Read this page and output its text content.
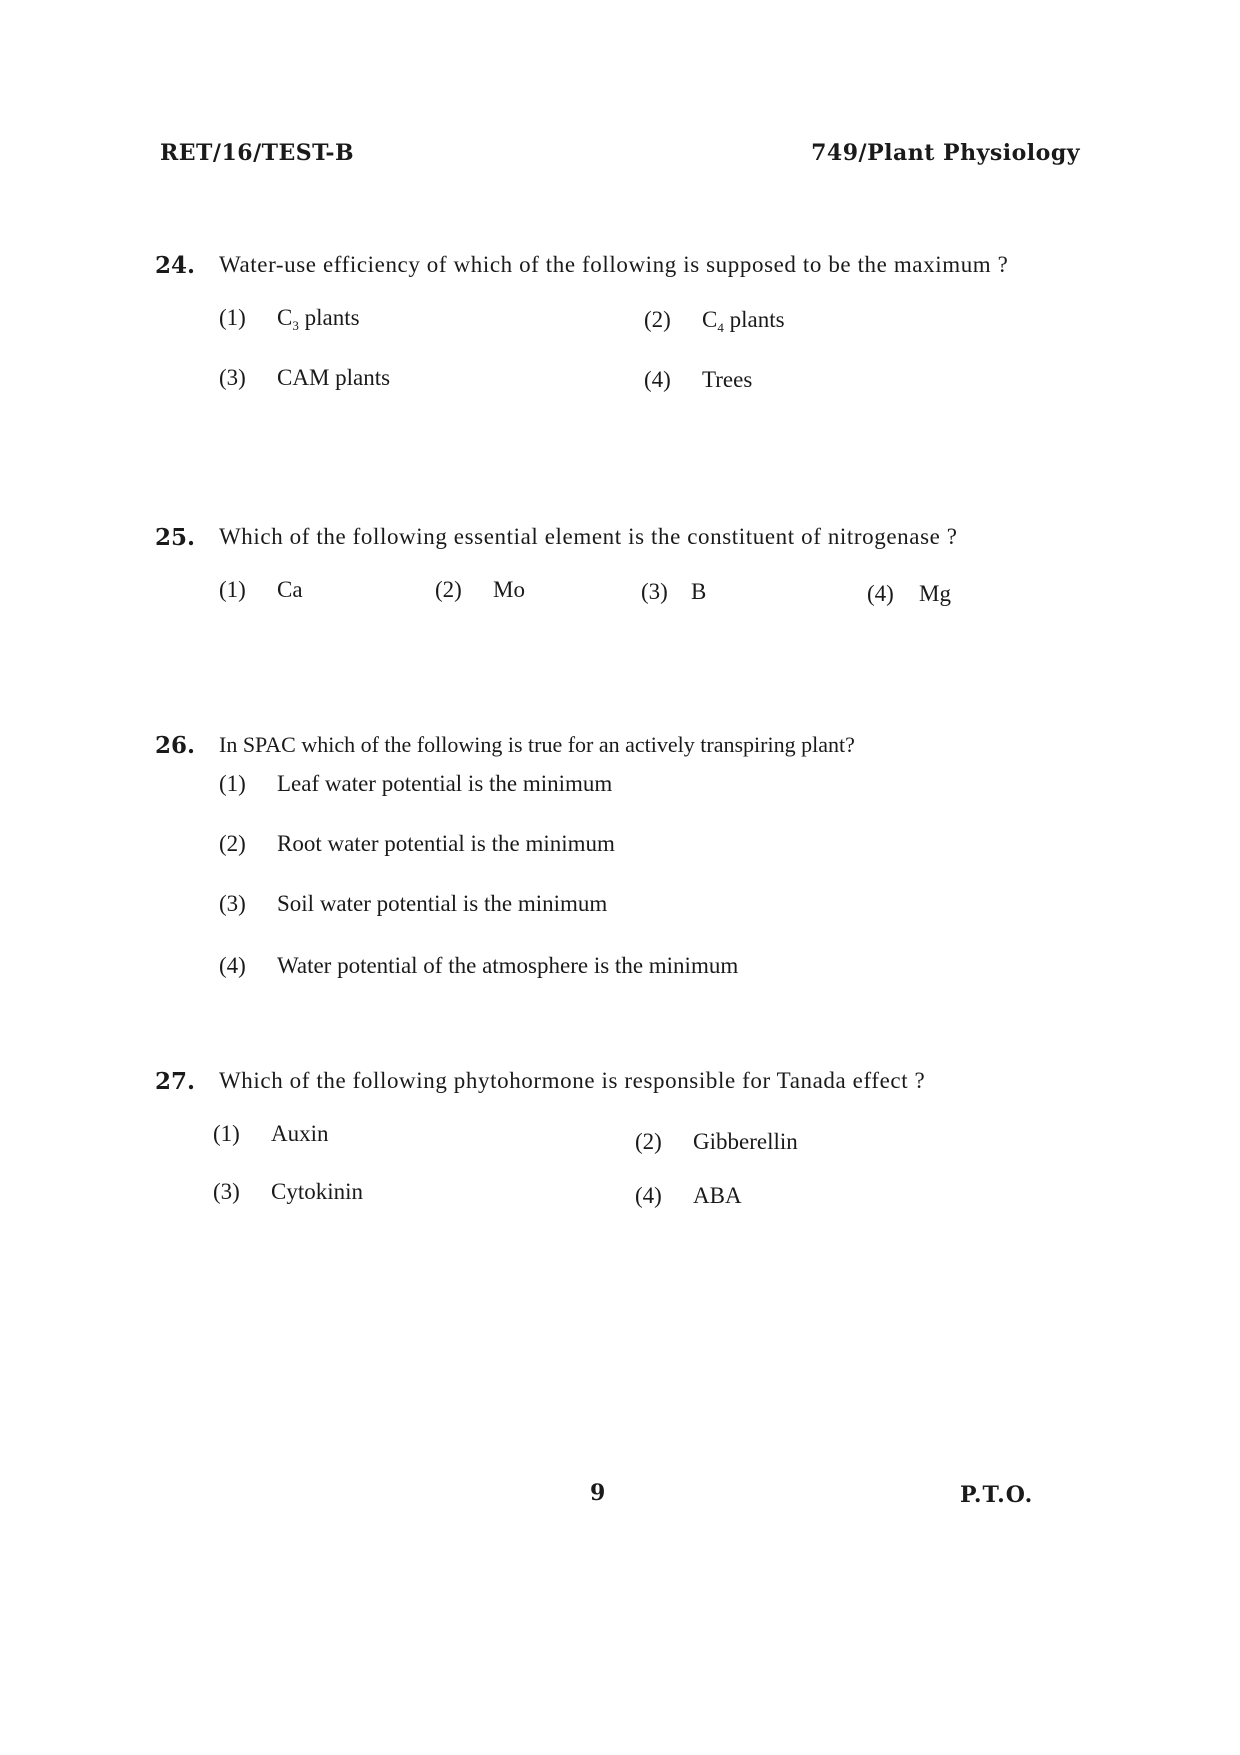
RET/16/TEST-B	749/Plant Physiology
24. Water-use efficiency of which of the following is supposed to be the maximum ?
(1) $C_3$ plants	(2) $C_4$ plants
(3) CAM plants	(4) Trees
25. Which of the following essential element is the constituent of nitrogenase ?
(1) Ca	(2) Mo	(3) B	(4) Mg
26. In SPAC which of the following is true for an actively transpiring plant?
(1) Leaf water potential is the minimum
(2) Root water potential is the minimum
(3) Soil water potential is the minimum
(4) Water potential of the atmosphere is the minimum
27. Which of the following phytohormone is responsible for Tanada effect ?
(1) Auxin	(2) Gibberellin
(3) Cytokinin	(4) ABA
9	P.T.O.
